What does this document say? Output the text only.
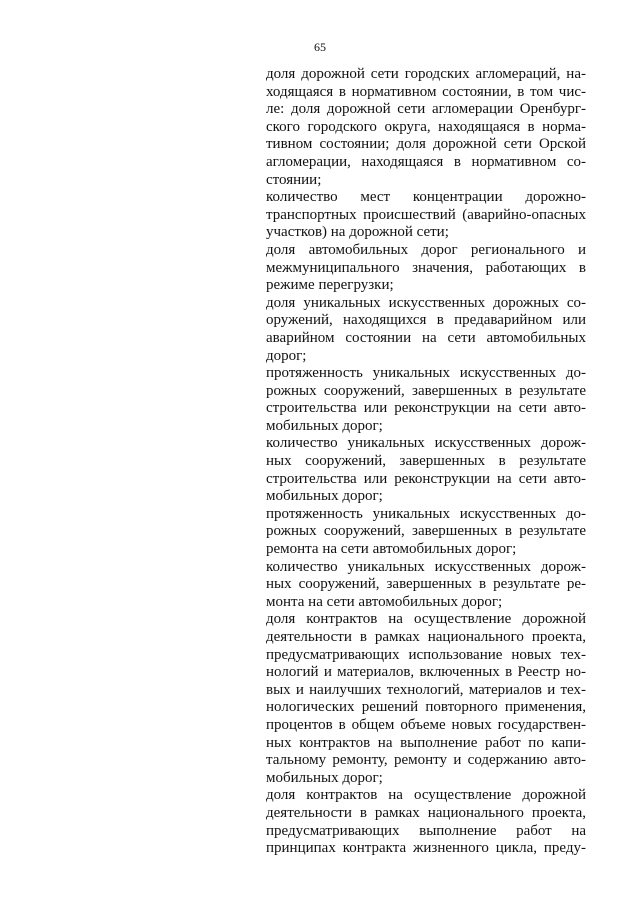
65
доля дорожной сети городских агломераций, на-
ходящаяся в нормативном состоянии, в том чис-
ле: доля дорожной сети агломерации Оренбург-
ского городского округа, находящаяся в норма-
тивном состоянии; доля дорожной сети Орской
агломерации, находящаяся в нормативном со-
стоянии;
количество мест концентрации дорожно-
транспортных происшествий (аварийно-опасных
участков) на дорожной сети;
доля автомобильных дорог регионального и
межмуниципального значения, работающих в
режиме перегрузки;
доля уникальных искусственных дорожных со-
оружений, находящихся в предаварийном или
аварийном состоянии на сети автомобильных
дорог;
протяженность уникальных искусственных до-
рожных сооружений, завершенных в результате
строительства или реконструкции на сети авто-
мобильных дорог;
количество уникальных искусственных дорож-
ных сооружений, завершенных в результате
строительства или реконструкции на сети авто-
мобильных дорог;
протяженность уникальных искусственных до-
рожных сооружений, завершенных в результате
ремонта на сети автомобильных дорог;
количество уникальных искусственных дорож-
ных сооружений, завершенных в результате ре-
монта на сети автомобильных дорог;
доля контрактов на осуществление дорожной
деятельности в рамках национального проекта,
предусматривающих использование новых тех-
нологий и материалов, включенных в Реестр но-
вых и наилучших технологий, материалов и тех-
нологических решений повторного применения,
процентов в общем объеме новых государствен-
ных контрактов на выполнение работ по капи-
тальному ремонту, ремонту и содержанию авто-
мобильных дорог;
доля контрактов на осуществление дорожной
деятельности в рамках национального проекта,
предусматривающих выполнение работ на
принципах контракта жизненного цикла, преду-
